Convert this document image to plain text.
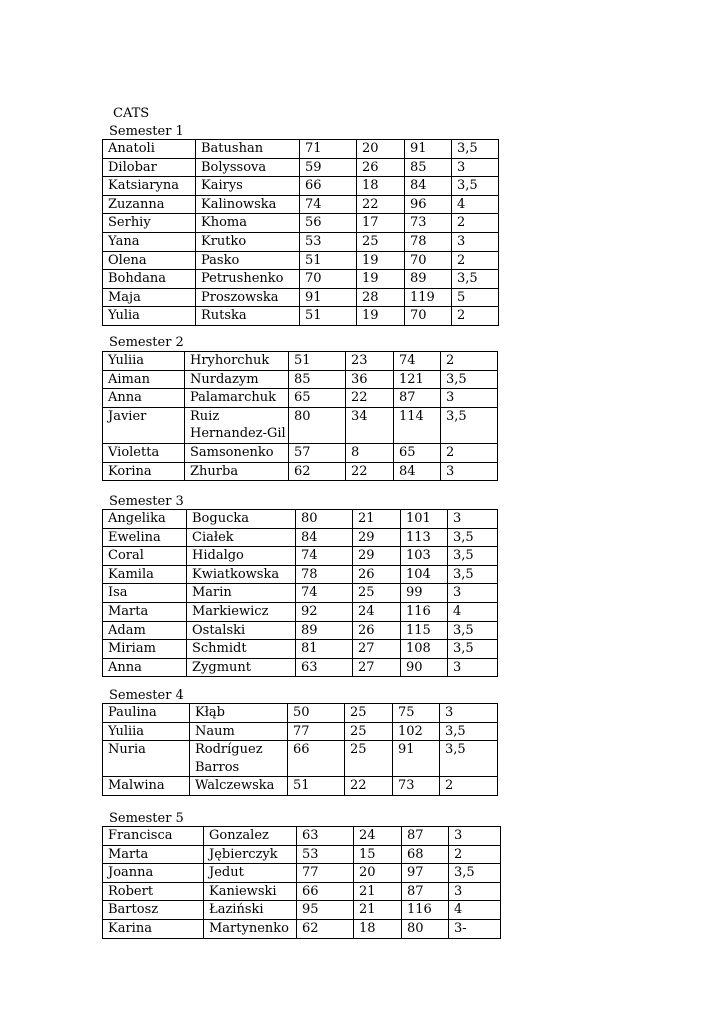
CATS
Semester 1
Anatoli	Batushan	71	20	91	3,5
Dilobar	Bolyssova	59	26	85	3
Katsiaryna	Kairys	66	18	84	3,5
Zuzanna	Kalinowska	74	22	96	4
Serhiy	Khoma	56	17	73	2
Yana	Krutko	53	25	78	3
Olena	Pasko	51	19	70	2
Bohdana	Petrushenko	70	19	89	3,5
Maja	Proszowska	91	28	119	5
Yulia	Rutska	51	19	70	2
Semester 2
Yuliia	Hryhorchuk	51	23	74	2
Aiman	Nurdazym	85	36	121	3,5
Anna	Palamarchuk	65	22	87	3
Javier	Ruiz Hernandez-Gil	80	34	114	3,5
Violetta	Samsonenko	57	8	65	2
Korina	Zhurba	62	22	84	3
Semester 3
Angelika	Bogucka	80	21	101	3
Ewelina	Ciałek	84	29	113	3,5
Coral	Hidalgo	74	29	103	3,5
Kamila	Kwiatkowska	78	26	104	3,5
Isa	Marin	74	25	99	3
Marta	Markiewicz	92	24	116	4
Adam	Ostalski	89	26	115	3,5
Miriam	Schmidt	81	27	108	3,5
Anna	Zygmunt	63	27	90	3
Semester 4
Paulina	Kłąb	50	25	75	3
Yuliia	Naum	77	25	102	3,5
Nuria	Rodríguez Barros	66	25	91	3,5
Malwina	Walczewska	51	22	73	2
Semester 5
Francisca	Gonzalez	63	24	87	3
Marta	Jębierczyk	53	15	68	2
Joanna	Jedut	77	20	97	3,5
Robert	Kaniewski	66	21	87	3
Bartosz	Łaziński	95	21	116	4
Karina	Martynenko	62	18	80	3-
